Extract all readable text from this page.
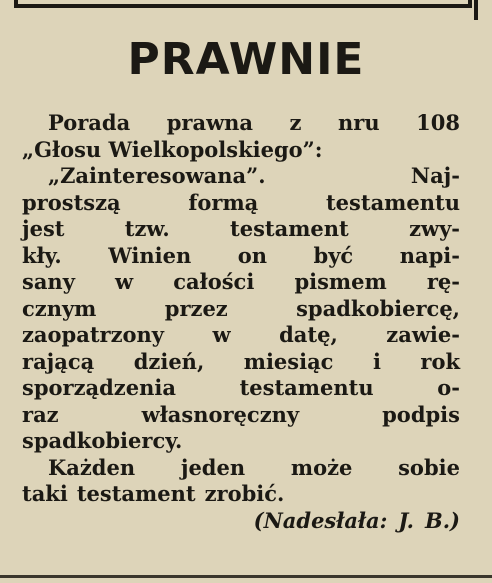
PRAWNIE
Porada prawna z nru 108
„Głosu Wielkopolskiego”:
„Zainteresowana”.	Naj-
prostszą	formą	testamentu
jest	tzw.	testament	zwy-
kły. Winien on być napi-
sany w całości pismem rę-
cznym	przez	spadkobiercę,
zaopatrzony w datę, zawie-
rającą dzień, miesiąc i rok
sporządzenia	testamentu	o-
raz	własnoręczny	podpis
spadkobiercy.
Każden jeden może sobie
taki testament zrobić.
(Nadesłała: J. B.)
